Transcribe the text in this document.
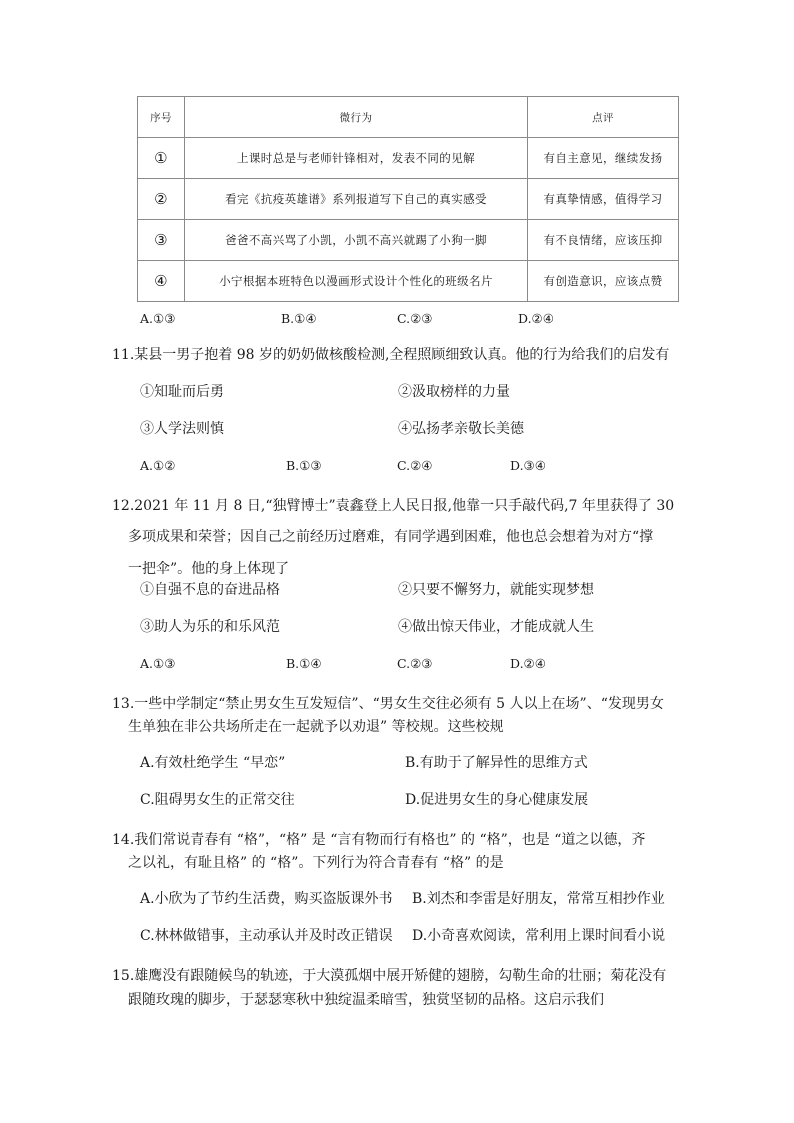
序号	微行为	点评
①	上课时总是与老师针锋相对，发表不同的见解	有自主意见，继续发扬
②	看完《抗疫英雄谱》系列报道写下自己的真实感受	有真挚情感，值得学习
③	爸爸不高兴骂了小凯，小凯不高兴就踢了小狗一脚	有不良情绪，应该压抑
④	小宁根据本班特色以漫画形式设计个性化的班级名片	有创造意识，应该点赞
A.①③	B.①④	C.②③	D.②④

11.某县一男子抱着 98 岁的奶奶做核酸检测,全程照顾细致认真。他的行为给我们的启发有

①知耻而后勇	②汲取榜样的力量
③人学法则慎	④弘扬孝亲敬长美德
A.①②	B.①③	C.②④	D.③④

12.2021 年 11 月 8 日,“独臂博士”袁鑫登上人民日报,他靠一只手敲代码,7 年里获得了 30

多项成果和荣誉；因自己之前经历过磨难，有同学遇到困难，他也总会想着为对方“撑

一把伞”。他的身上体现了

①自强不息的奋进品格	②只要不懈努力，就能实现梦想
③助人为乐的和乐风范	④做出惊天伟业，才能成就人生
A.①③	B.①④	C.②③	D.②④

13.一些中学制定“禁止男女生互发短信”、“男女生交往必须有 5 人以上在场”、“发现男女

生单独在非公共场所走在一起就予以劝退” 等校规。这些校规

A.有效杜绝学生 “早恋”	B.有助于了解异性的思维方式
C.阻碍男女生的正常交往	D.促进男女生的身心健康发展

14.我们常说青春有 “格”，“格” 是 “言有物而行有格也” 的 “格”，也是 “道之以德，齐

之以礼，有耻且格” 的 “格”。下列行为符合青春有 “格” 的是

A.小欣为了节约生活费，购买盗版课外书 B.刘杰和李雷是好朋友，常常互相抄作业
C.林林做错事，主动承认并及时改正错误 D.小奇喜欢阅读，常利用上课时间看小说

15.雄鹰没有跟随候鸟的轨迹，于大漠孤烟中展开矫健的翅膀，勾勒生命的壮丽；菊花没有

跟随玫瑰的脚步，于瑟瑟寒秋中独绽温柔暗雪，独赏坚韧的品格。这启示我们
